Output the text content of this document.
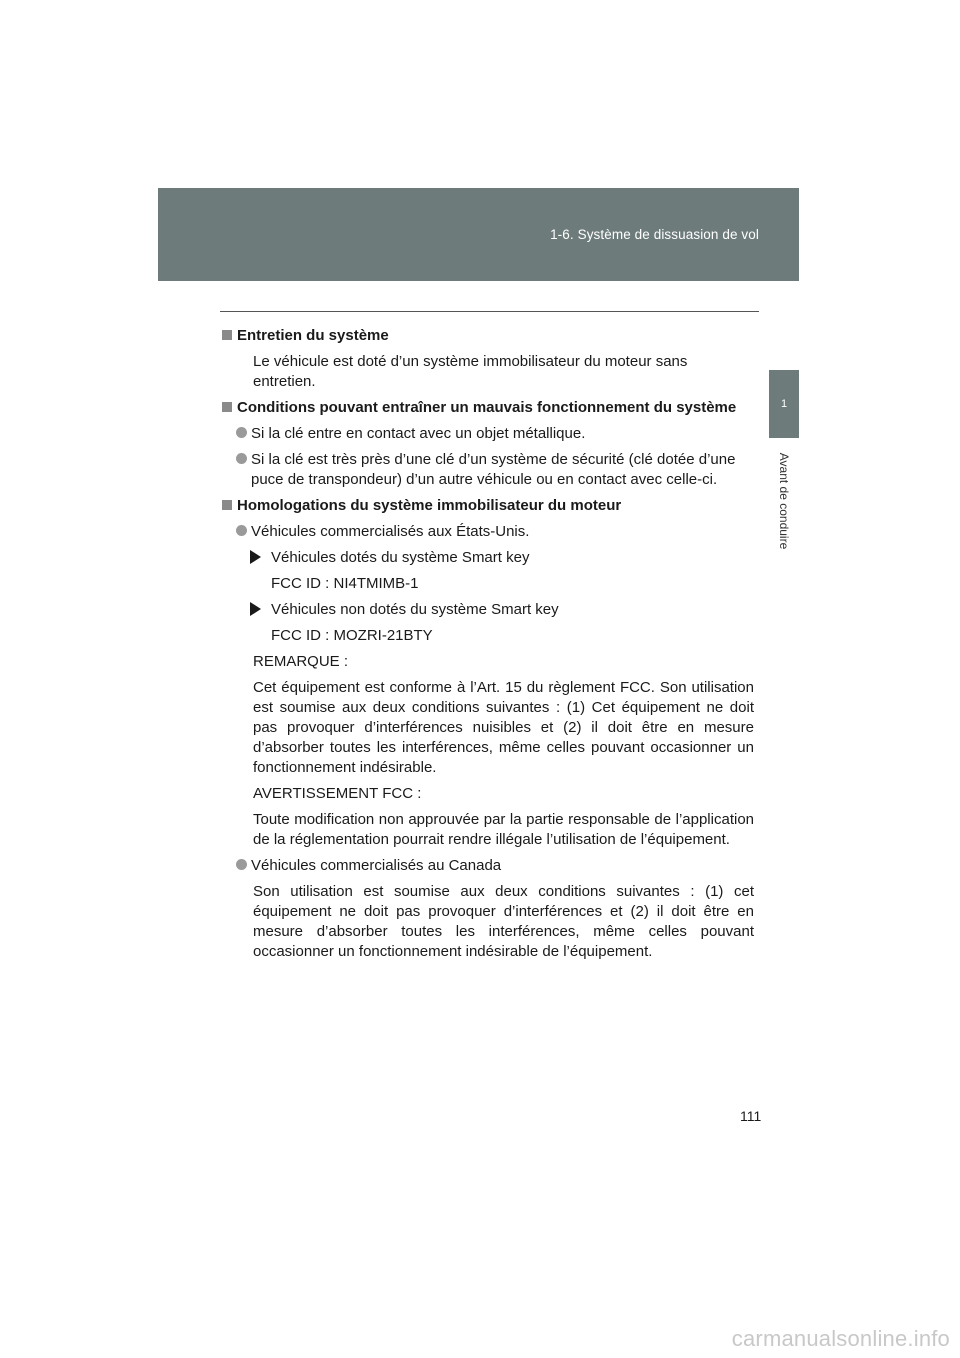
1-6. Système de dissuasion de vol
1
Avant de conduire
Entretien du système
Le véhicule est doté d’un système immobilisateur du moteur sans entretien.
Conditions pouvant entraîner un mauvais fonctionnement du système
Si la clé entre en contact avec un objet métallique.
Si la clé est très près d’une clé d’un système de sécurité (clé dotée d’une puce de transpondeur) d’un autre véhicule ou en contact avec celle-ci.
Homologations du système immobilisateur du moteur
Véhicules commercialisés aux États-Unis.
Véhicules dotés du système Smart key
FCC ID : NI4TMIMB-1
Véhicules non dotés du système Smart key
FCC ID : MOZRI-21BTY
REMARQUE :
Cet équipement est conforme à l’Art. 15 du règlement FCC. Son utilisation est soumise aux deux conditions suivantes : (1) Cet équipement ne doit pas provoquer d’interférences nuisibles et (2) il doit être en mesure d’absorber toutes les interférences, même celles pouvant occasionner un fonctionnement indésirable.
AVERTISSEMENT FCC :
Toute modification non approuvée par la partie responsable de l’application de la réglementation pourrait rendre illégale l’utilisation de l’équipement.
Véhicules commercialisés au Canada
Son utilisation est soumise aux deux conditions suivantes : (1) cet équipement ne doit pas provoquer d’interférences et (2) il doit être en mesure d’absorber toutes les interférences, même celles pouvant occasionner un fonctionnement indésirable de l’équipement.
111
carmanualsonline.info
